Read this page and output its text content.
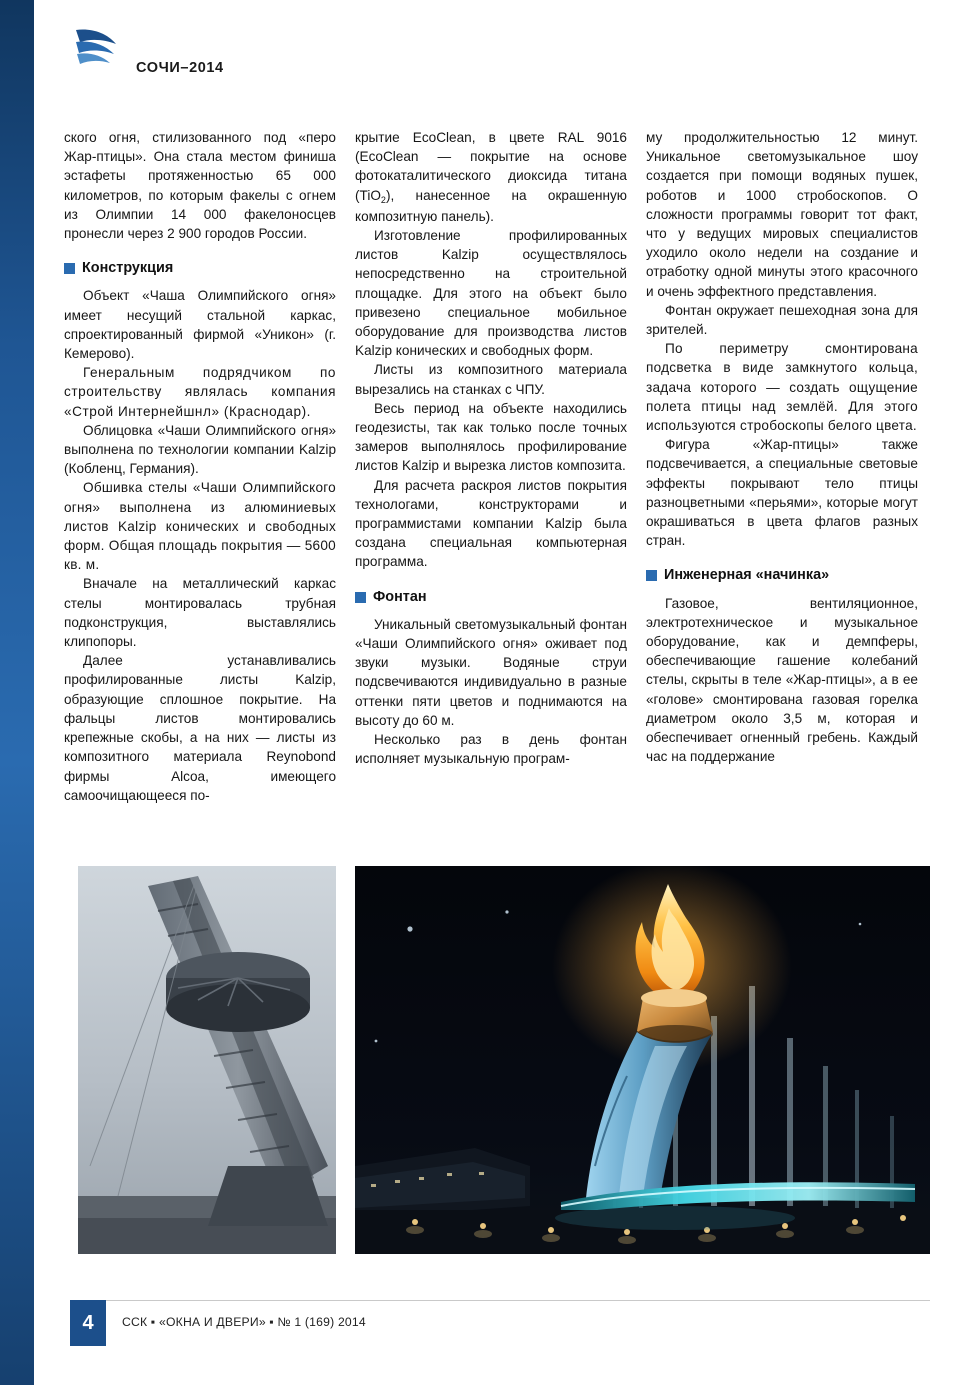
СОЧИ–2014

ского огня, стилизованного под «перо Жар-птицы». Она стала местом финиша эстафеты протяженностью 65 000 километров, по которым факелы с огнем из Олимпии 14 000 факелоносцев пронесли через 2 900 городов России.

Конструкция

Объект «Чаша Олимпийского огня» имеет несущий стальной каркас, спроектированный фирмой «Уникон» (г. Кемерово).

Генеральным подрядчиком по строительству являлась компания «Строй Интернейшнл» (Краснодар).

Облицовка «Чаши Олимпийского огня» выполнена по технологии компании Kalzip (Кобленц, Германия).

Обшивка стелы «Чаши Олимпийского огня» выполнена из алюминиевых листов Kalzip конических и свободных форм. Общая площадь покрытия — 5600 кв. м.

Вначале на металлический каркас стелы монтировалась трубная подконструкция, выставлялись клипопоры.

Далее устанавливались профилированные листы Kalzip, образующие сплошное покрытие. На фальцы листов монтировались крепежные скобы, а на них — листы из композитного материала Reynobond фирмы Alcoa, имеющего самоочищающееся по-

крытие EcoClean, в цвете RAL 9016 (EcoClean — покрытие на основе фотокаталитического диоксида титана (TiO$_2$), нанесенное на окрашенную композитную панель).

Изготовление профилированных листов Kalzip осуществлялось непосредственно на строительной площадке. Для этого на объект было привезено специальное мобильное оборудование для производства листов Kalzip конических и свободных форм.

Листы из композитного материала вырезались на станках с ЧПУ.

Весь период на объекте находились геодезисты, так как только после точных замеров выполнялось профилирование листов Kalzip и вырезка листов композита.

Для расчета раскроя листов покрытия технологами, конструкторами и программистами компании Kalzip была создана специальная компьютерная программа.

Фонтан

Уникальный светомузыкальный фонтан «Чаши Олимпийского огня» оживает под звуки музыки. Водяные струи подсвечиваются индивидуально в разные оттенки пяти цветов и поднимаются на высоту до 60 м.

Несколько раз в день фонтан исполняет музыкальную програм-

му продолжительностью 12 минут. Уникальное светомузыкальное шоу создается при помощи водяных пушек, роботов и 1000 стробоскопов. О сложности программы говорит тот факт, что у ведущих мировых специалистов уходило около недели на создание и отработку одной минуты этого красочного и очень эффектного представления.

Фонтан окружает пешеходная зона для зрителей.

По периметру смонтирована подсветка в виде замкнутого кольца, задача которого — создать ощущение полета птицы над землёй. Для этого используются стробоскопы белого цвета.

Фигура «Жар-птицы» также подсвечивается, а специальные световые эффекты покрывают тело птицы разноцветными «перьями», которые могут окрашиваться в цвета флагов разных стран.

Инженерная «начинка»

Газовое, вентиляционное, электротехническое и музыкальное оборудование, как и демпферы, обеспечивающие гашение колебаний стелы, скрыты в теле «Жар-птицы», а в ее «голове» смонтирована газовая горелка диаметром около 3,5 м, которая и обеспечивает огненный гребень. Каждый час на поддержание

4	ССК ▪ «ОКНА И ДВЕРИ» ▪ № 1 (169) 2014
